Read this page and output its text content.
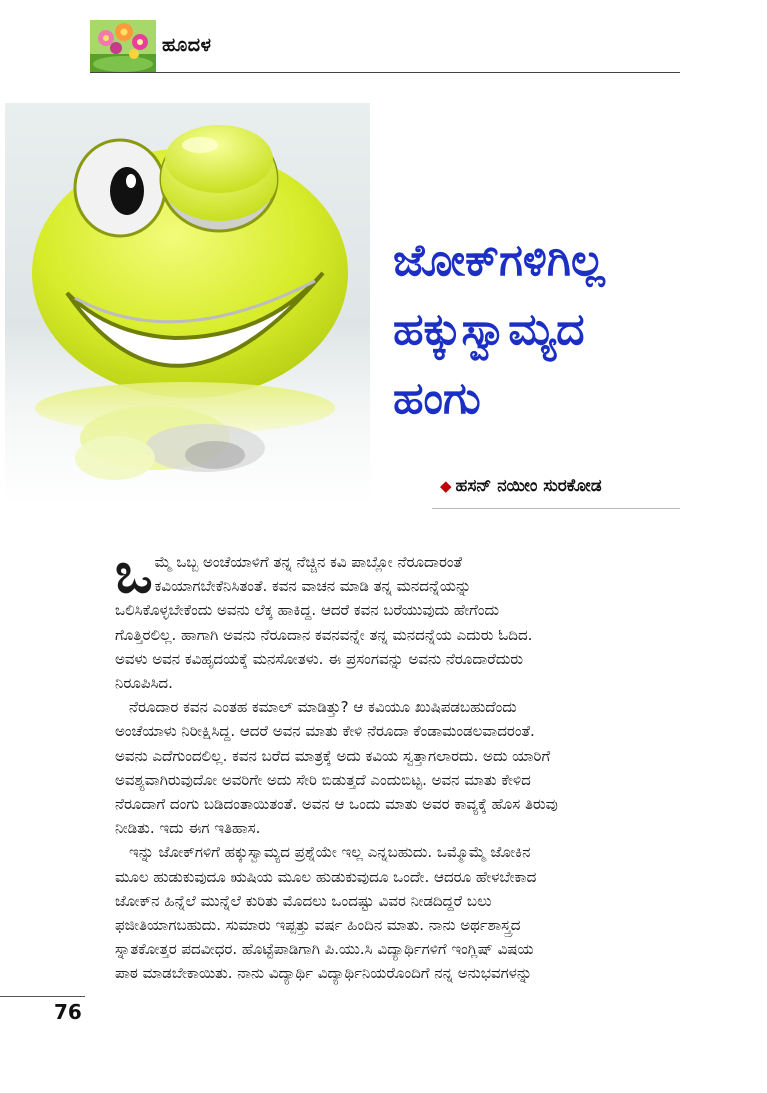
ಹೂದಳ
ಜೋಕ್‌ಗಳಿಗಿಲ್ಲ
ಹಕ್ಕುಸ್ವಾಮ್ಯದ
ಹಂಗು
◆ ಹಸನ್ ನಯೀಂ ಸುರಕೋಡ
ಒ ಮ್ಮೆ ಒಬ್ಬ ಅಂಚೆಯಾಳಿಗೆ ತನ್ನ ನೆಚ್ಚಿನ ಕವಿ ಪಾಬ್ಲೋ ನೆರೂದಾರಂತೆ
ಕವಿಯಾಗಬೇಕೆನಿಸಿತಂತೆ. ಕವನ ವಾಚನ ಮಾಡಿ ತನ್ನ ಮನದನ್ನೆಯನ್ನು
ಒಲಿಸಿಕೊಳ್ಳಬೇಕೆಂದು ಅವನು ಲೆಕ್ಕ ಹಾಕಿದ್ದ. ಆದರೆ ಕವನ ಬರೆಯುವುದು ಹೇಗೆಂದು
ಗೊತ್ತಿರಲಿಲ್ಲ. ಹಾಗಾಗಿ ಅವನು ನೆರೂದಾನ ಕವನವನ್ನೇ ತನ್ನ ಮನದನ್ನೆಯ ಎದುರು ಓದಿದ.
ಅವಳು ಅವನ ಕವಿಹೃದಯಕ್ಕೆ ಮನಸೋತಳು. ಈ ಪ್ರಸಂಗವನ್ನು ಅವನು ನೆರೂದಾರೆದುರು
ನಿರೂಪಿಸಿದ.
ನೆರೂದಾರ ಕವನ ಎಂತಹ ಕಮಾಲ್ ಮಾಡಿತ್ತು? ಆ ಕವಿಯೂ ಖುಷಿಪಡಬಹುದೆಂದು
ಅಂಚೆಯಾಳು ನಿರೀಕ್ಷಿಸಿದ್ದ. ಆದರೆ ಅವನ ಮಾತು ಕೇಳಿ ನೆರೂದಾ ಕೆಂಡಾಮಂಡಲವಾದರಂತೆ.
ಅವನು ಎದೆಗುಂದಲಿಲ್ಲ. ಕವನ ಬರೆದ ಮಾತ್ರಕ್ಕೆ ಅದು ಕವಿಯ ಸ್ವತ್ತಾಗಲಾರದು. ಅದು ಯಾರಿಗೆ
ಅವಶ್ಯವಾಗಿರುವುದೋ ಅವರಿಗೇ ಅದು ಸೇರಿ ಬಿಡುತ್ತದೆ ಎಂದುಬಿಟ್ಟ. ಅವನ ಮಾತು ಕೇಳಿದ
ನೆರೂದಾಗೆ ದಂಗು ಬಡಿದಂತಾಯಿತಂತೆ. ಅವನ ಆ ಒಂದು ಮಾತು ಅವರ ಕಾವ್ಯಕ್ಕೆ ಹೊಸ ತಿರುವು
ನೀಡಿತು. ಇದು ಈಗ ಇತಿಹಾಸ.
ಇನ್ನು ಜೋಕ್‌ಗಳಿಗೆ ಹಕ್ಕುಸ್ವಾಮ್ಯದ ಪ್ರಶ್ನೆಯೇ ಇಲ್ಲ ಎನ್ನಬಹುದು. ಒಮ್ಮೊಮ್ಮೆ ಜೋಕಿನ
ಮೂಲ ಹುಡುಕುವುದೂ ಋಷಿಯ ಮೂಲ ಹುಡುಕುವುದೂ ಒಂದೇ. ಆದರೂ ಹೇಳಬೇಕಾದ
ಜೋಕ್‌ನ ಹಿನ್ನೆಲೆ ಮುನ್ನೆಲೆ ಕುರಿತು ಮೊದಲು ಒಂದಷ್ಟು ವಿವರ ನೀಡದಿದ್ದರೆ ಬಲು
ಫಜೀತಿಯಾಗಬಹುದು. ಸುಮಾರು ಇಪ್ಪತ್ತು ವರ್ಷ ಹಿಂದಿನ ಮಾತು. ನಾನು ಅರ್ಥಶಾಸ್ತ್ರದ
ಸ್ನಾತಕೋತ್ತರ ಪದವೀಧರ. ಹೊಟ್ಟೆಪಾಡಿಗಾಗಿ ಪಿ.ಯು.ಸಿ ವಿದ್ಯಾರ್ಥಿಗಳಿಗೆ ಇಂಗ್ಲಿಷ್ ವಿಷಯ
ಪಾಠ ಮಾಡಬೇಕಾಯಿತು. ನಾನು ವಿದ್ಯಾರ್ಥಿ ವಿದ್ಯಾರ್ಥಿನಿಯರೊಂದಿಗೆ ನನ್ನ ಅನುಭವಗಳನ್ನು
76
